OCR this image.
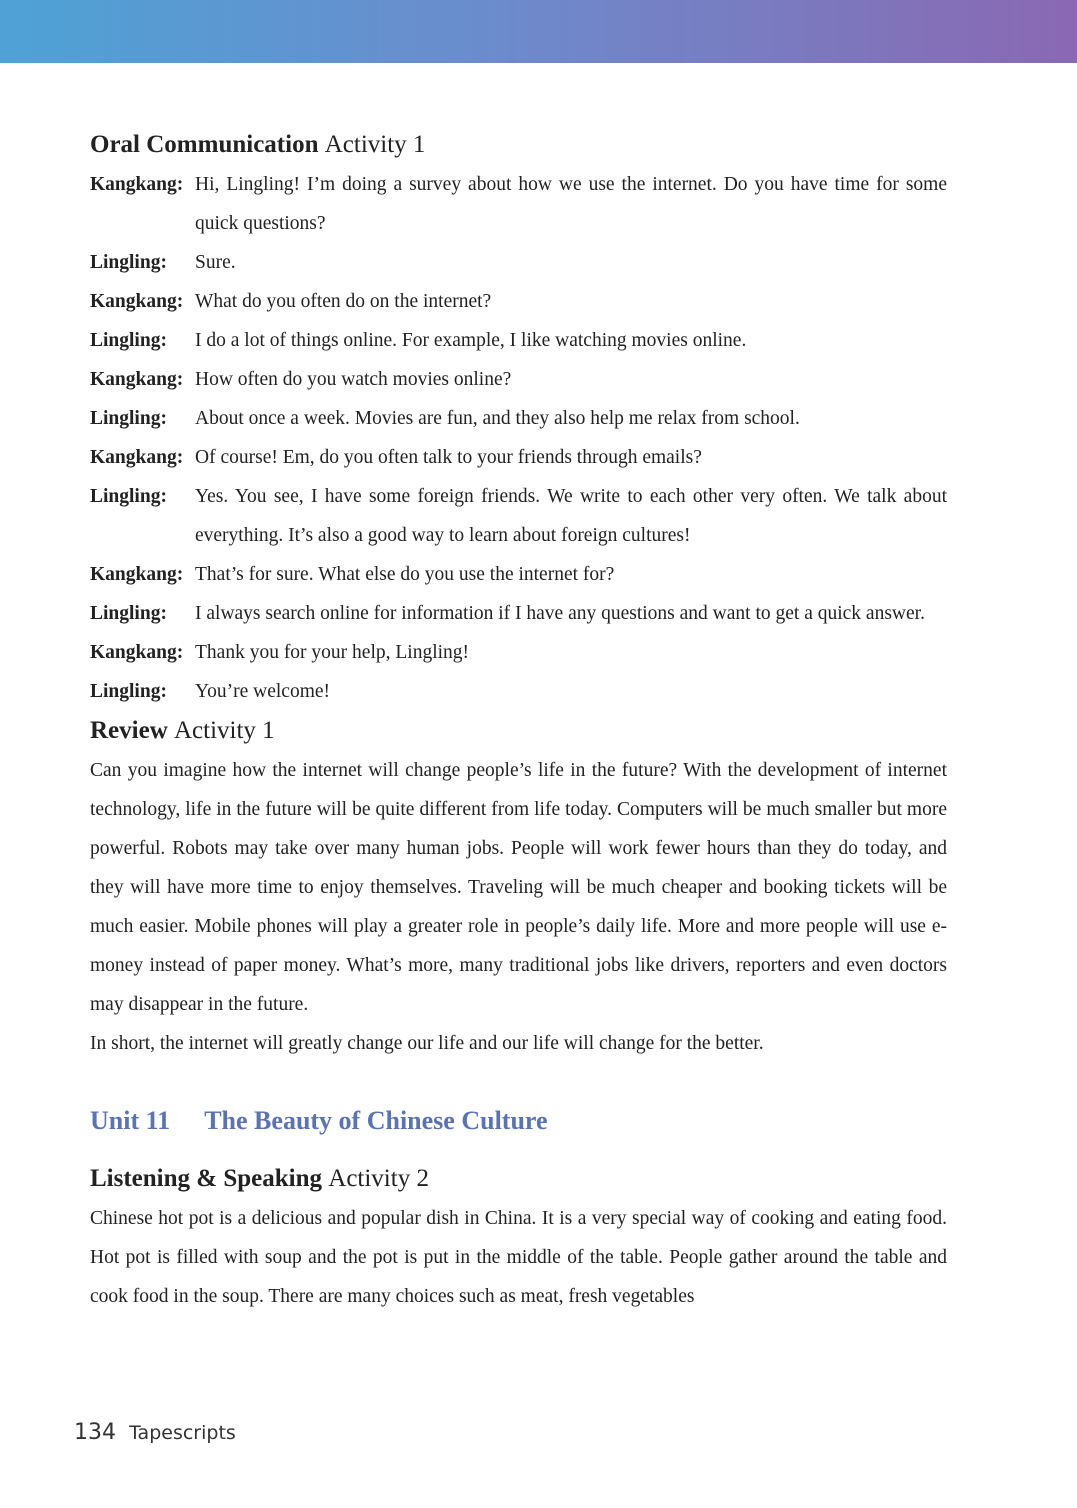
Oral Communication Activity 1
Kangkang: Hi, Lingling! I’m doing a survey about how we use the internet. Do you have time for some quick questions?
Lingling:	Sure.
Kangkang: What do you often do on the internet?
Lingling:	I do a lot of things online. For example, I like watching movies online.
Kangkang: How often do you watch movies online?
Lingling:	About once a week. Movies are fun, and they also help me relax from school.
Kangkang: Of course! Em, do you often talk to your friends through emails?
Lingling:	Yes. You see, I have some foreign friends. We write to each other very often. We talk about everything. It’s also a good way to learn about foreign cultures!
Kangkang: That’s for sure. What else do you use the internet for?
Lingling:	I always search online for information if I have any questions and want to get a quick answer.
Kangkang: Thank you for your help, Lingling!
Lingling:	You’re welcome!
Review Activity 1

Can you imagine how the internet will change people’s life in the future? With the development of internet technology, life in the future will be quite different from life today. Computers will be much smaller but more powerful. Robots may take over many human jobs. People will work fewer hours than they do today, and they will have more time to enjoy themselves. Traveling will be much cheaper and booking tickets will be much easier. Mobile phones will play a greater role in people’s daily life. More and more people will use e-money instead of paper money. What’s more, many traditional jobs like drivers, reporters and even doctors may disappear in the future.

In short, the internet will greatly change our life and our life will change for the better.

Unit 11 The Beauty of Chinese Culture
Listening & Speaking Activity 2

Chinese hot pot is a delicious and popular dish in China. It is a very special way of cooking and eating food. Hot pot is filled with soup and the pot is put in the middle of the table. People gather around the table and cook food in the soup. There are many choices such as meat, fresh vegetables

134 Tapescripts
